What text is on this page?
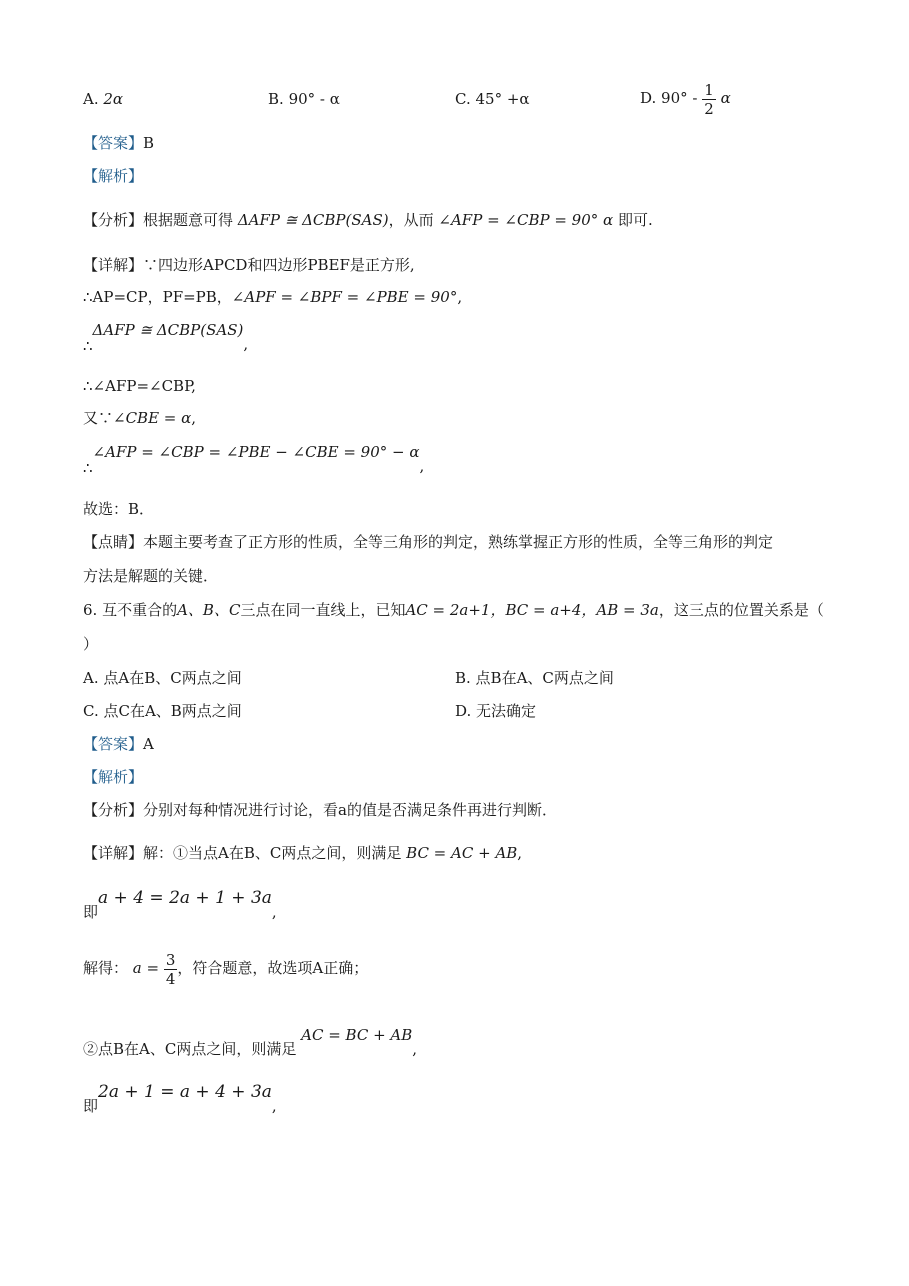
A. 2α	B. 90° - α	C. 45° +α	D. $90^\circ - \frac{1}{2}$ α
【答案】B
【解析】
【分析】根据题意可得 ΔAFP ≅ ΔCBP(SAS)，从而 ∠AFP = ∠CBP = 90° α 即可.
【详解】∵四边形APCD和四边形PBEF是正方形,
∴AP=CP，PF=PB，∠APF = ∠BPF = ∠PBE = 90°,
∴ΔAFP ≅ ΔCBP(SAS),
∴∠AFP=∠CBP,
又∵∠CBE = α,
∴∠AFP = ∠CBP = ∠PBE − ∠CBE = 90° − α,
故选：B．
【点睛】本题主要考查了正方形的性质，全等三角形的判定，熟练掌握正方形的性质，全等三角形的判定
方法是解题的关键．
6. 互不重合的A、B、C三点在同一直线上，已知AC = 2a+1，BC = a+4，AB = 3a，这三点的位置关系是（
）
A. 点A在B、C两点之间	B. 点B在A、C两点之间
C. 点C在A、B两点之间	D. 无法确定
【答案】A
【解析】
【分析】分别对每种情况进行讨论，看a的值是否满足条件再进行判断．
【详解】解：①当点A在B、C两点之间，则满足 BC = AC + AB,
即a + 4 = 2a + 1 + 3a,
解得： $a = \frac{3}{4}$ ，符合题意，故选项A正确；
②点B在A、C两点之间，则满足 AC = BC + AB,
即2a + 1 = a + 4 + 3a,
